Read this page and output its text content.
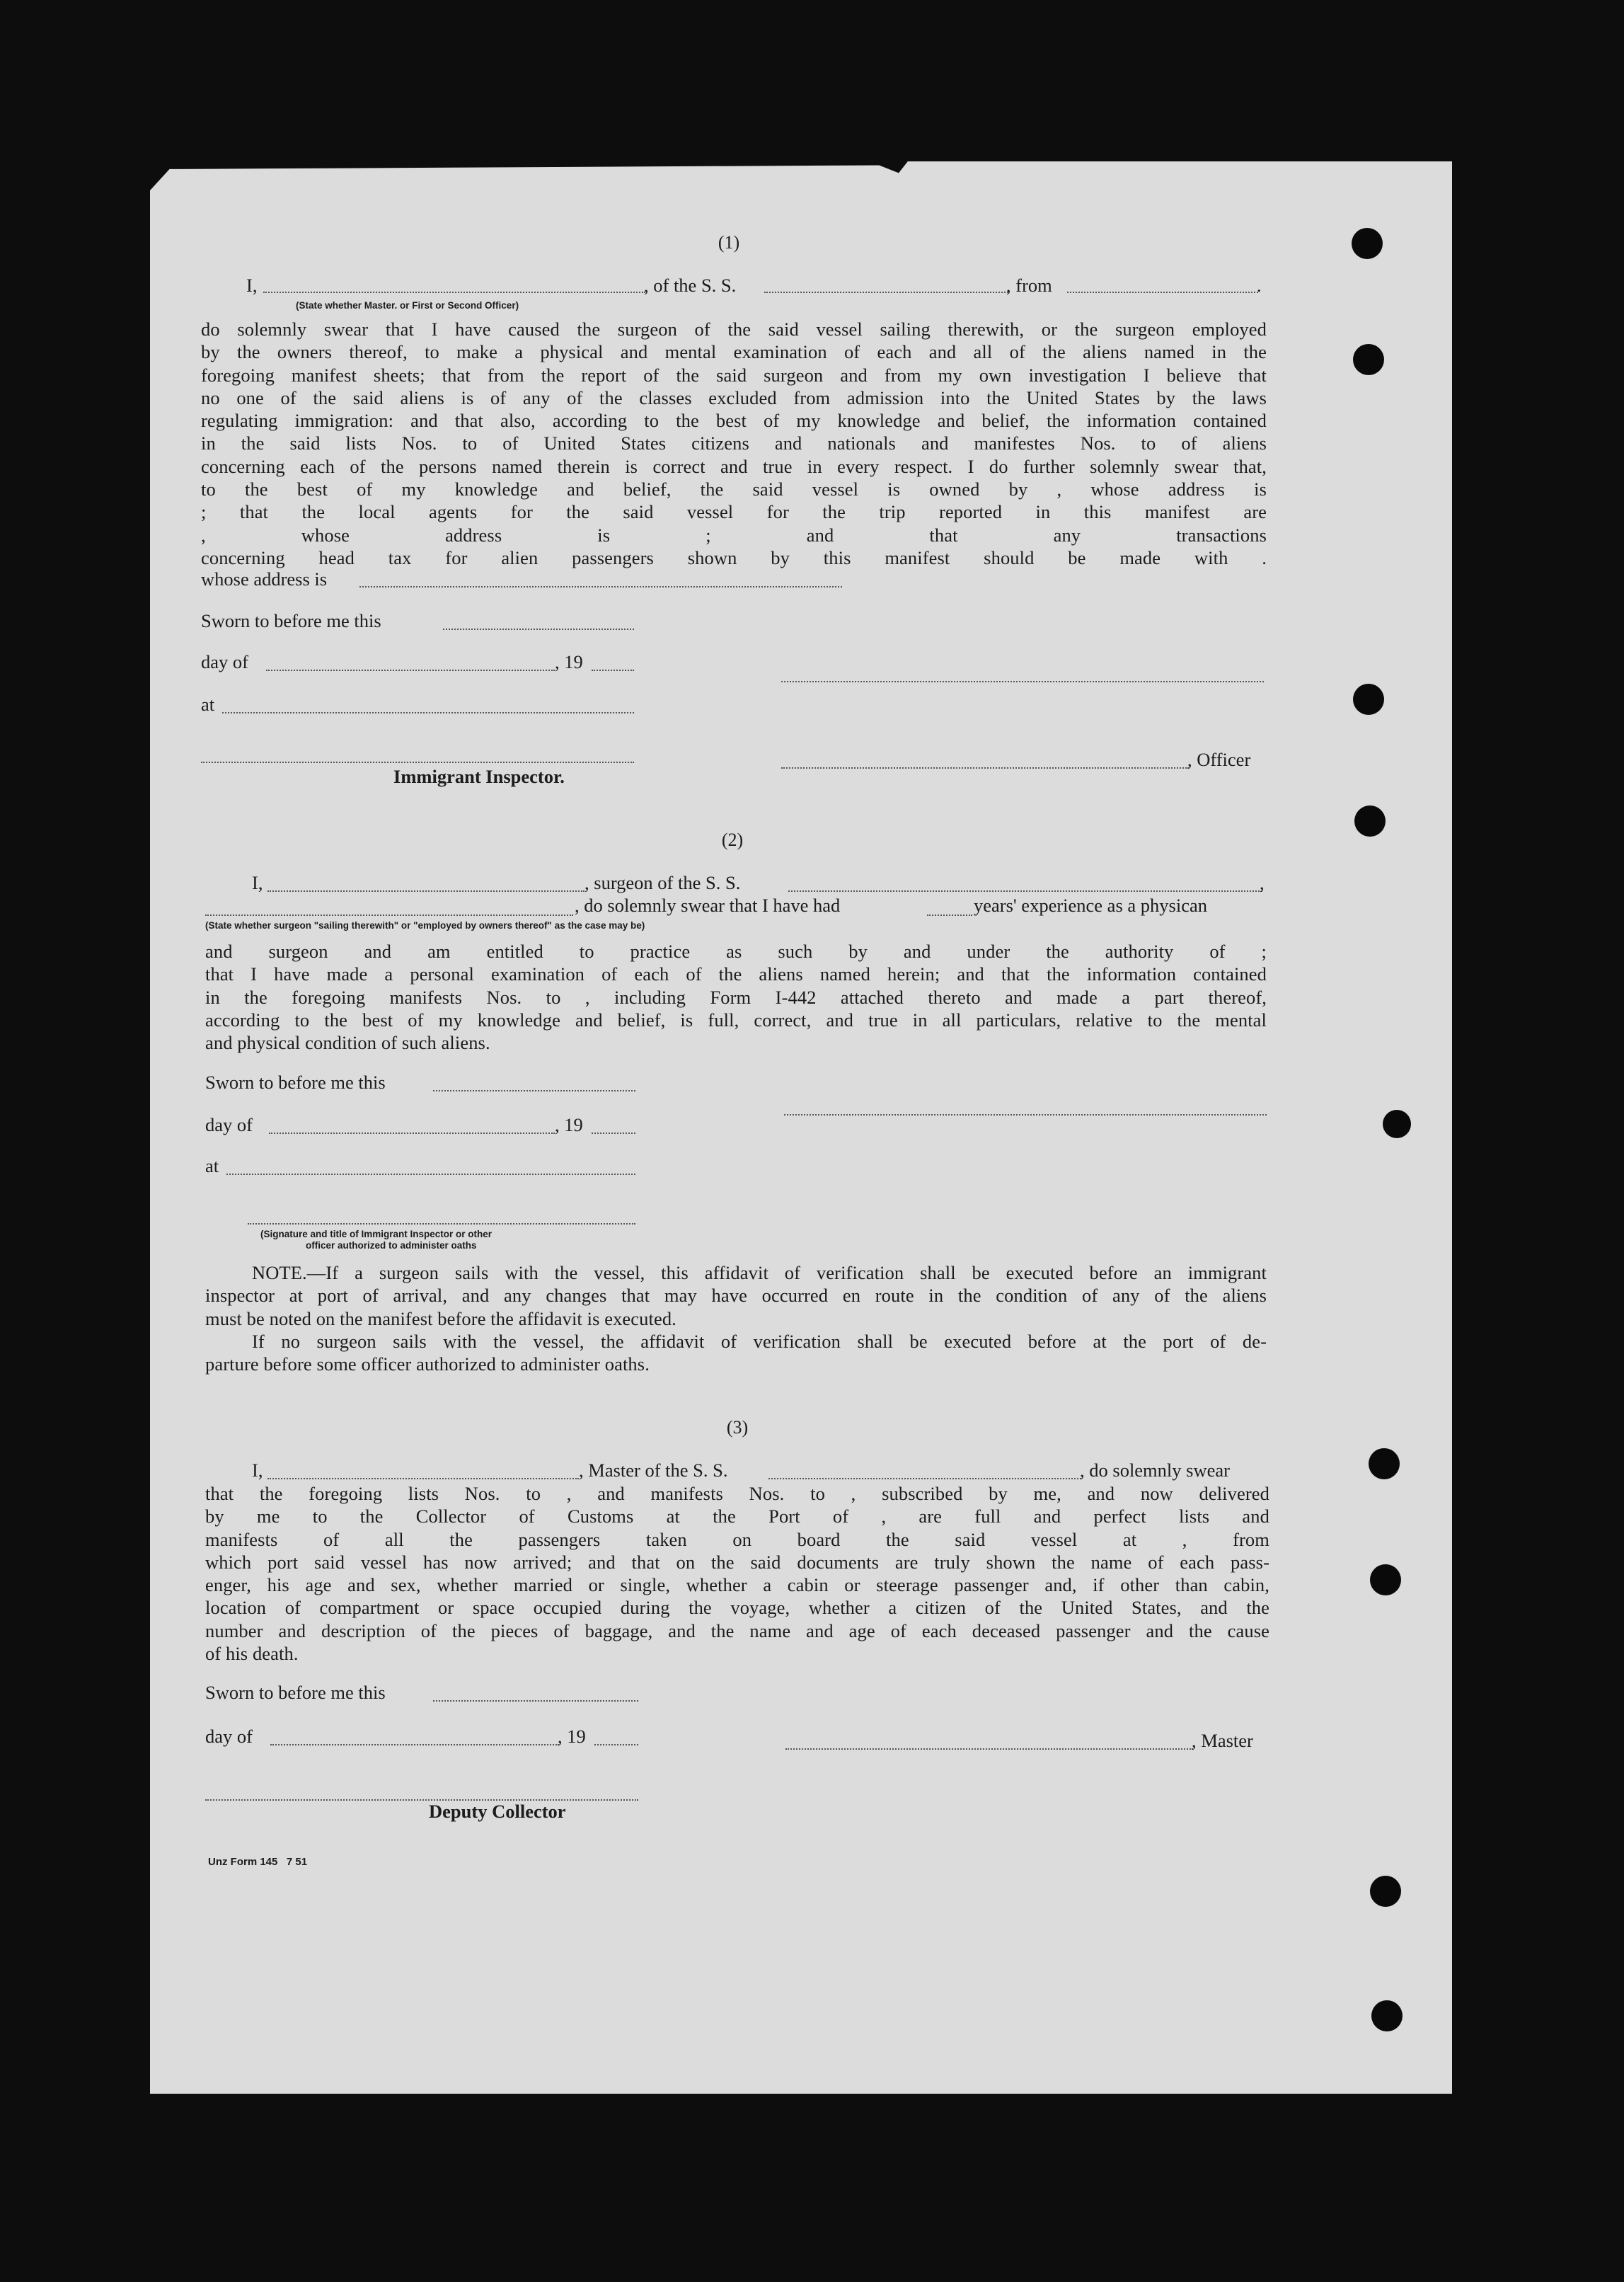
(1)
I,	, of the S. S.	, from	.
(State whether Master. or First or Second Officer)
do solemnly swear that I have caused the surgeon of the said vessel sailing therewith, or the surgeon employed
by the owners thereof, to make a physical and mental examination of each and all of the aliens named in the
foregoing manifest sheets; that from the report of the said surgeon and from my own investigation I believe that
no one of the said aliens is of any of the classes excluded from admission into the United States by the laws
regulating immigration: and that also, according to the best of my knowledge and belief, the information contained
in the said lists Nos. to of United States citizens and nationals and manifestes Nos. to of aliens
concerning each of the persons named therein is correct and true in every respect. I do further solemnly swear that,
to the best of my knowledge and belief, the said vessel is owned by , whose address is
; that the local agents for the said vessel for the trip reported in this manifest are
, whose address is ; and that any transactions
concerning head tax for alien passengers shown by this manifest should be made with .
whose address is
Sworn to before me this
day of	, 19
at
, Officer
Immigrant Inspector.
(2)
I,	, surgeon of the S. S.	,
, do solemnly swear that I have had	years' experience as a physican
(State whether surgeon "sailing therewith" or "employed by owners thereof" as the case may be)
and surgeon and am entitled to practice as such by and under the authority of ;
that I have made a personal examination of each of the aliens named herein; and that the information contained
in the foregoing manifests Nos. to , including Form I-442 attached thereto and made a part thereof,
according to the best of my knowledge and belief, is full, correct, and true in all particulars, relative to the mental
and physical condition of such aliens.
Sworn to before me this
day of	, 19
at
(Signature and title of Immigrant Inspector or other
officer authorized to administer oaths
NOTE.—If a surgeon sails with the vessel, this affidavit of verification shall be executed before an immigrant
inspector at port of arrival, and any changes that may have occurred en route in the condition of any of the aliens
must be noted on the manifest before the affidavit is executed.
If no surgeon sails with the vessel, the affidavit of verification shall be executed before at the port of de-
parture before some officer authorized to administer oaths.
(3)
I,	, Master of the S. S.	, do solemnly swear
that the foregoing lists Nos. to , and manifests Nos. to , subscribed by me, and now delivered
by me to the Collector of Customs at the Port of , are full and perfect lists and
manifests of all the passengers taken on board the said vessel at , from
which port said vessel has now arrived; and that on the said documents are truly shown the name of each pass-
enger, his age and sex, whether married or single, whether a cabin or steerage passenger and, if other than cabin,
location of compartment or space occupied during the voyage, whether a citizen of the United States, and the
number and description of the pieces of baggage, and the name and age of each deceased passenger and the cause
of his death.
Sworn to before me this
day of	, 19	, Master
Deputy Collector
Unz Form 145   7 51
